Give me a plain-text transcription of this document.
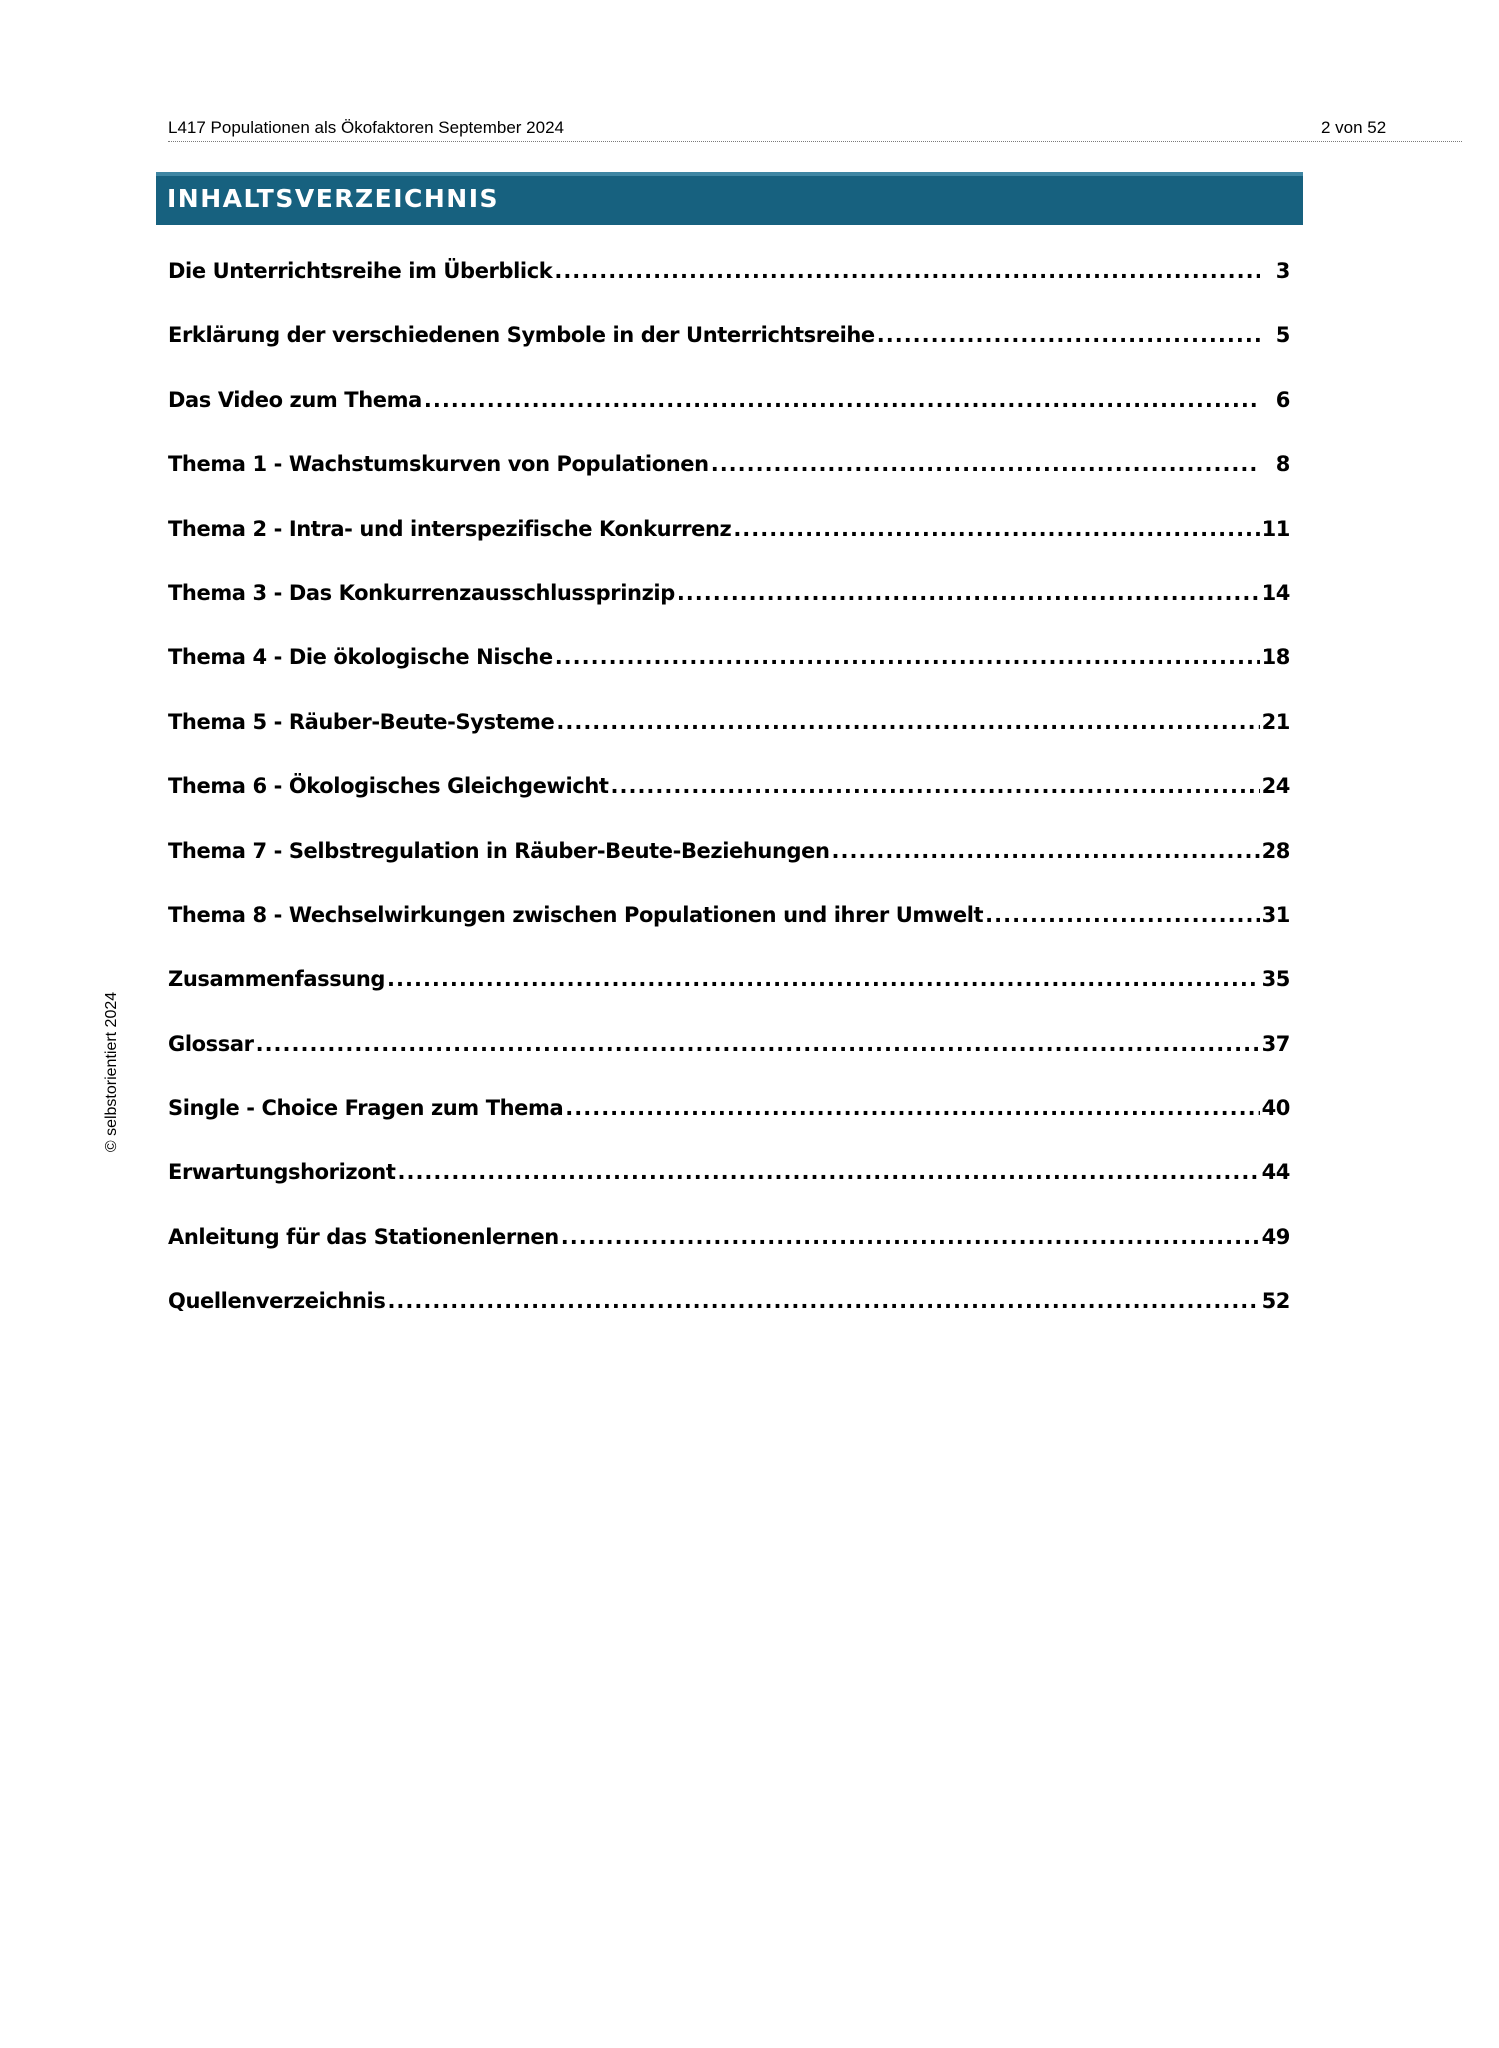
L417 Populationen als Ökofaktoren September 2024	2 von 52
INHALTSVERZEICHNIS
Die Unterrichtsreihe im Überblick .....	3
Erklärung der verschiedenen Symbole in der Unterrichtsreihe .....	5
Das Video zum Thema .....	6
Thema 1 - Wachstumskurven von Populationen .....	8
Thema 2 - Intra- und interspezifische Konkurrenz .....	11
Thema 3 - Das Konkurrenzausschlussprinzip .....	14
Thema 4 - Die ökologische Nische .....	18
Thema 5 - Räuber-Beute-Systeme .....	21
Thema 6 - Ökologisches Gleichgewicht .....	24
Thema 7 - Selbstregulation in Räuber-Beute-Beziehungen .....	28
Thema 8 - Wechselwirkungen zwischen Populationen und ihrer Umwelt .....	31
Zusammenfassung .....	35
Glossar .....	37
Single - Choice Fragen zum Thema .....	40
Erwartungshorizont .....	44
Anleitung für das Stationenlernen .....	49
Quellenverzeichnis .....	52
© selbstorientiert 2024
